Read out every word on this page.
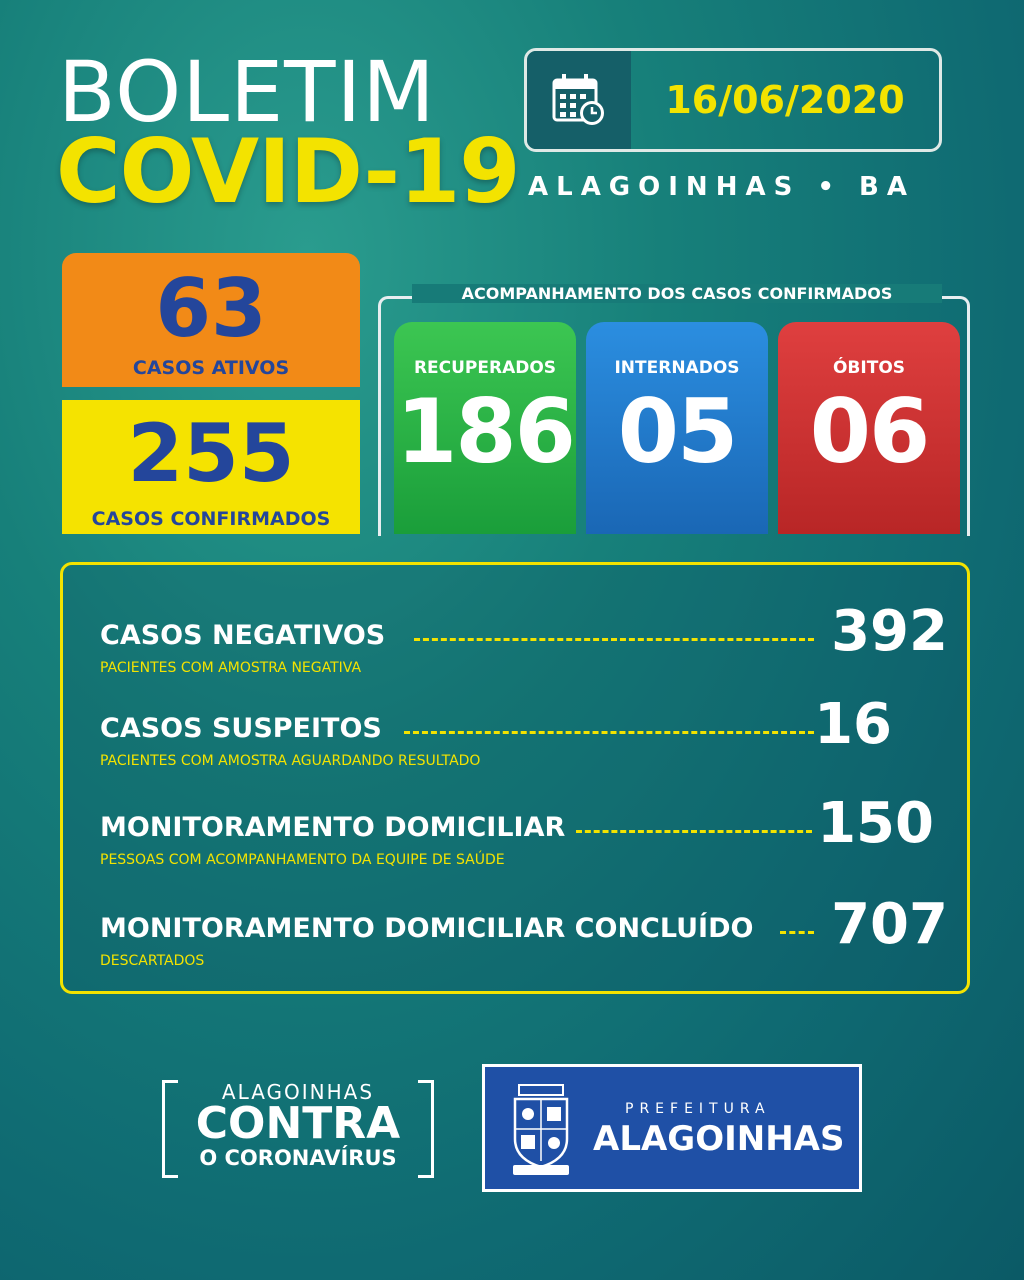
BOLETIM
COVID-19
16/06/2020
ALAGOINHAS • BA
63
CASOS ATIVOS
255
CASOS CONFIRMADOS
ACOMPANHAMENTO DOS CASOS CONFIRMADOS
RECUPERADOS
186
INTERNADOS
05
ÓBITOS
06
CASOS NEGATIVOS	392
PACIENTES COM AMOSTRA NEGATIVA
CASOS SUSPEITOS	16
PACIENTES COM AMOSTRA AGUARDANDO RESULTADO
MONITORAMENTO DOMICILIAR	150
PESSOAS COM ACOMPANHAMENTO DA EQUIPE DE SAÚDE
MONITORAMENTO DOMICILIAR CONCLUÍDO 707
DESCARTADOS
ALAGOINHAS
CONTRA
O CORONAVÍRUS
PREFEITURA
ALAGOINHAS
